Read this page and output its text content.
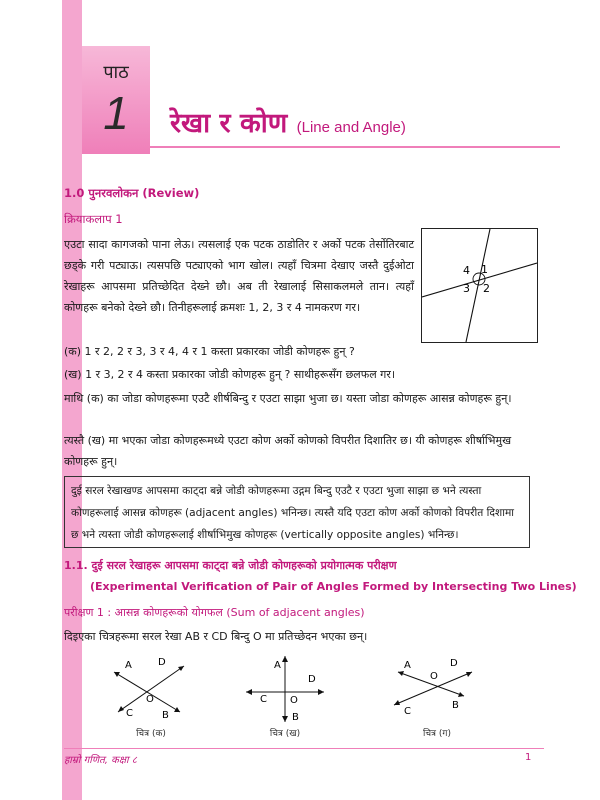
पाठ
1	रेखा र कोण (Line and Angle)
1.0 पुनरवलोकन (Review)
क्रियाकलाप 1
एउटा सादा कागजको पाना लेऊ। त्यसलाई एक पटक ठाडोतिर र अर्को पटक तेर्सोतिरबाट छड्के गरी पट्याऊ। त्यसपछि पट्याएको भाग खोल। त्यहाँ चित्रमा देखाए जस्तै दुईओटा रेखाहरू आपसमा प्रतिच्छेदित देख्ने छौ। अब ती रेखालाई सिसाकलमले तान। त्यहाँ कोणहरू बनेको देख्ने छौ। तिनीहरूलाई क्रमशः 1, 2, 3 र 4 नामकरण गर।
4 1
3 2
(क) 1 र 2, 2 र 3, 3 र 4, 4 र 1 कस्ता प्रकारका जोडी कोणहरू हुन् ?
(ख) 1 र 3, 2 र 4 कस्ता प्रकारका जोडी कोणहरू हुन् ? साथीहरूसँग छलफल गर।
माथि (क) का जोडा कोणहरूमा एउटै शीर्षबिन्दु र एउटा साझा भुजा छ। यस्ता जोडा कोणहरू आसन्न कोणहरू हुन्।
त्यस्तै (ख) मा भएका जोडा कोणहरूमध्ये एउटा कोण अर्को कोणको विपरीत दिशातिर छ। यी कोणहरू शीर्षाभिमुख कोणहरू हुन्।
दुई सरल रेखाखण्ड आपसमा काट्दा बन्ने जोडी कोणहरूमा उद्गम बिन्दु एउटै र एउटा भुजा साझा छ भने त्यस्ता कोणहरूलाई आसन्न कोणहरू (adjacent angles) भनिन्छ। त्यस्तै यदि एउटा कोण अर्को कोणको विपरीत दिशामा छ भने त्यस्ता जोडी कोणहरूलाई शीर्षाभिमुख कोणहरू (vertically opposite angles) भनिन्छ।
1.1. दुई सरल रेखाहरू आपसमा काट्दा बन्ने जोडी कोणहरूको प्रयोगात्मक परीक्षण
(Experimental Verification of Pair of Angles Formed by Intersecting Two Lines)
परीक्षण 1 : आसन्न कोणहरूको योगफल (Sum of adjacent angles)
दिइएका चित्रहरूमा सरल रेखा AB र CD बिन्दु O मा प्रतिच्छेदन भएका छन्।
A	D
O
C	B
चित्र (क)
A
D
O
C
B
चित्र (ख)
A	D
O
C
B
चित्र (ग)
हाम्रो गणित, कक्षा ८	1
